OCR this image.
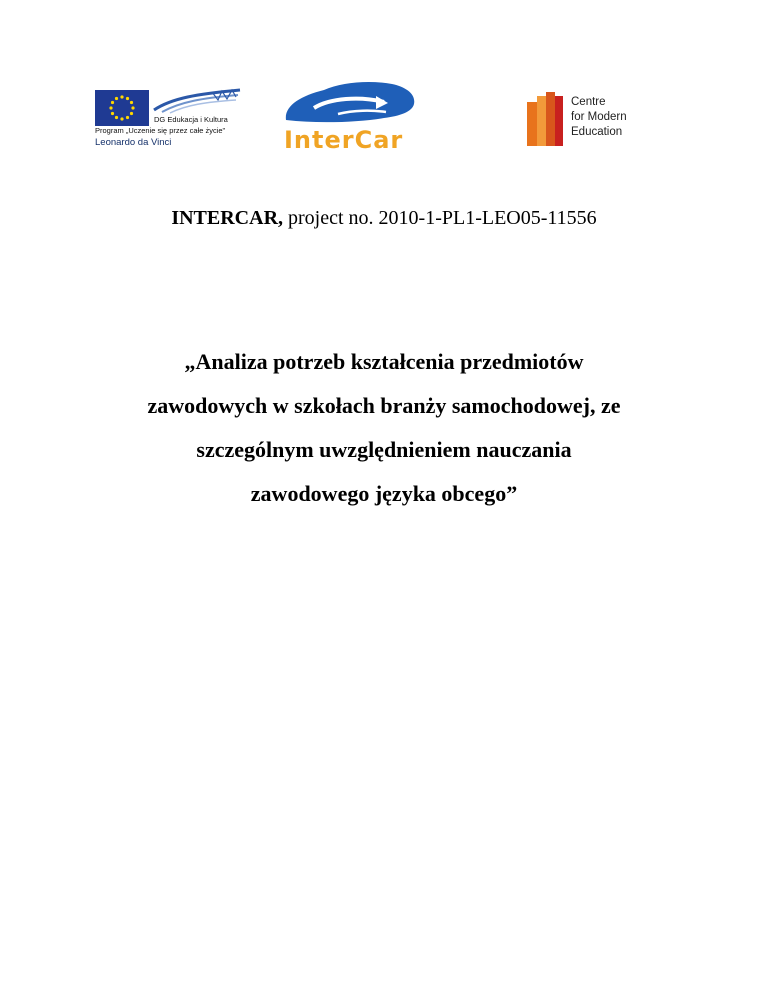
DG Edukacja i Kultura
Program „Uczenie się przez całe życie”
Leonardo da Vinci	InterCar
Centre
for Modern
Education
INTERCAR, project no. 2010-1-PL1-LEO05-11556
„Analiza potrzeb kształcenia przedmiotów
zawodowych w szkołach branży samochodowej, ze
szczególnym uwzględnieniem nauczania
zawodowego języka obcego”
